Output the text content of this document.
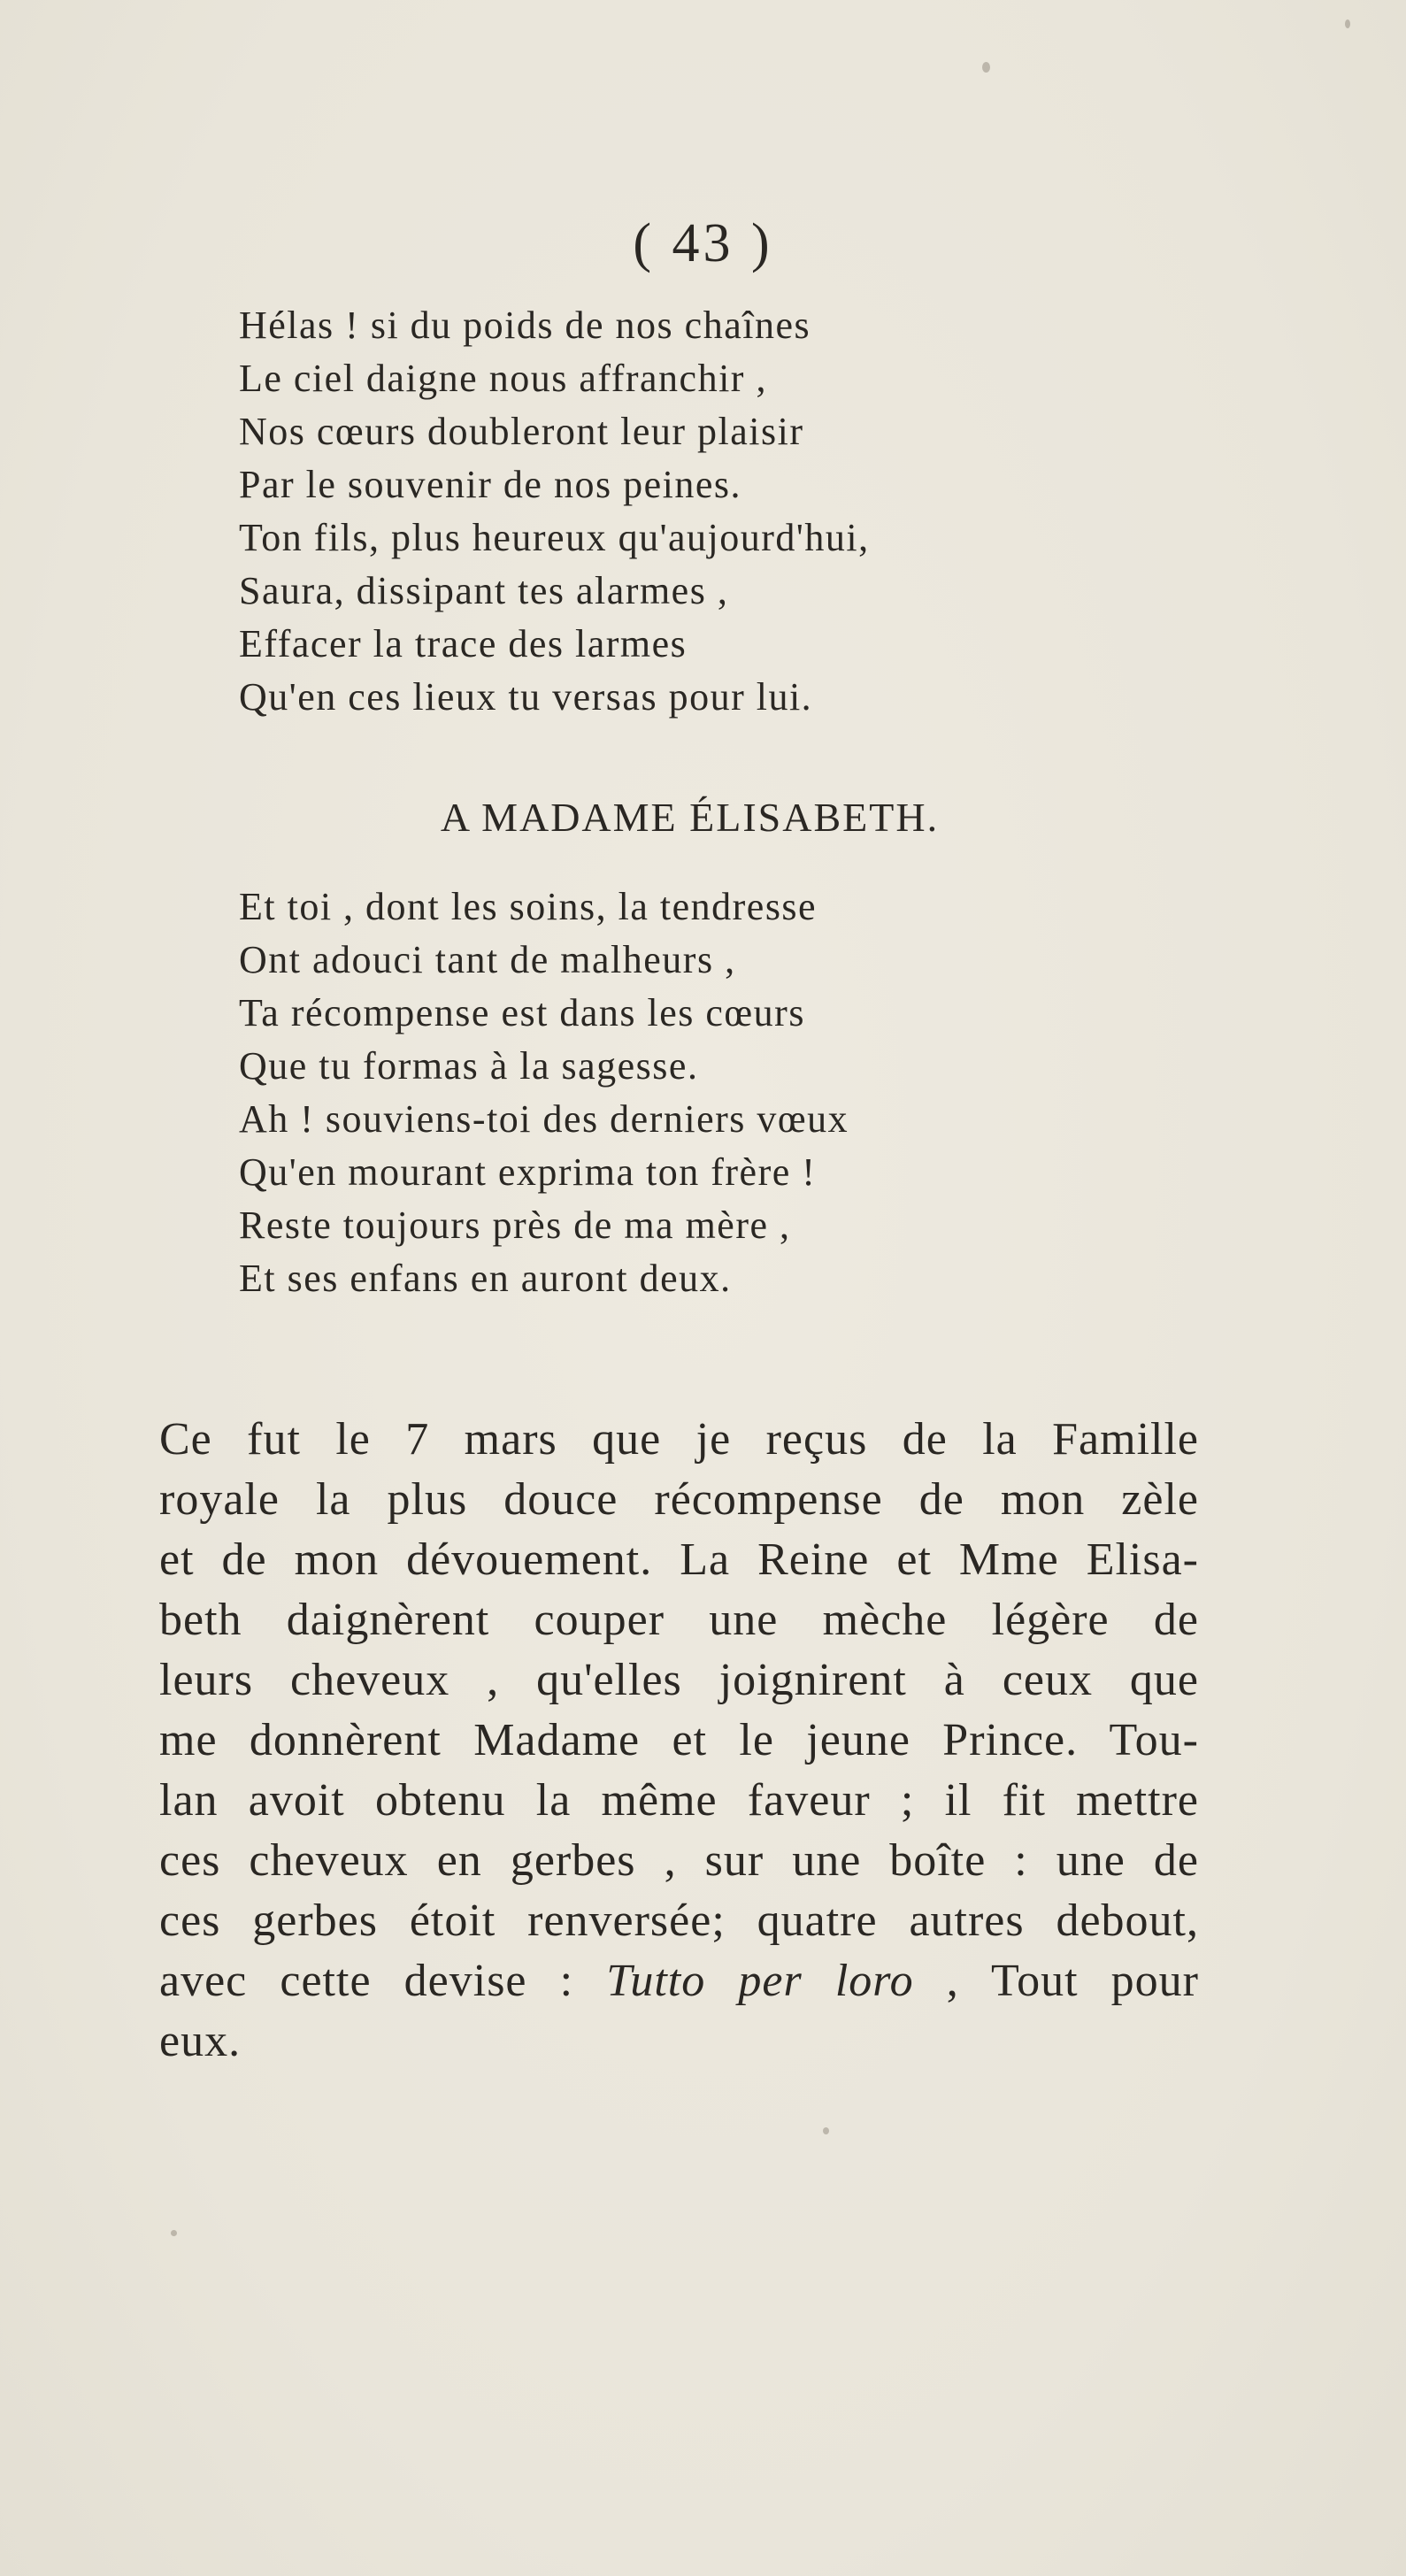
( 43 )
Hélas ! si du poids de nos chaînes
Le ciel daigne nous affranchir ,
Nos cœurs doubleront leur plaisir
Par le souvenir de nos peines.
Ton fils, plus heureux qu'aujourd'hui,
Saura, dissipant tes alarmes ,
Effacer la trace des larmes
Qu'en ces lieux tu versas pour lui.
A MADAME ÉLISABETH.
Et toi , dont les soins, la tendresse
Ont adouci tant de malheurs ,
Ta récompense est dans les cœurs
Que tu formas à la sagesse.
Ah ! souviens-toi des derniers vœux
Qu'en mourant exprima ton frère !
Reste toujours près de ma mère ,
Et ses enfans en auront deux.
Ce fut le 7 mars que je reçus de la Famille
royale la plus douce récompense de mon zèle
et de mon dévouement. La Reine et Mme Elisa-
beth daignèrent couper une mèche légère de
leurs cheveux , qu'elles joignirent à ceux que
me donnèrent Madame et le jeune Prince. Tou-
lan avoit obtenu la même faveur ; il fit mettre
ces cheveux en gerbes , sur une boîte : une de
ces gerbes étoit renversée; quatre autres debout,
avec cette devise : Tutto per loro , Tout pour
eux.
